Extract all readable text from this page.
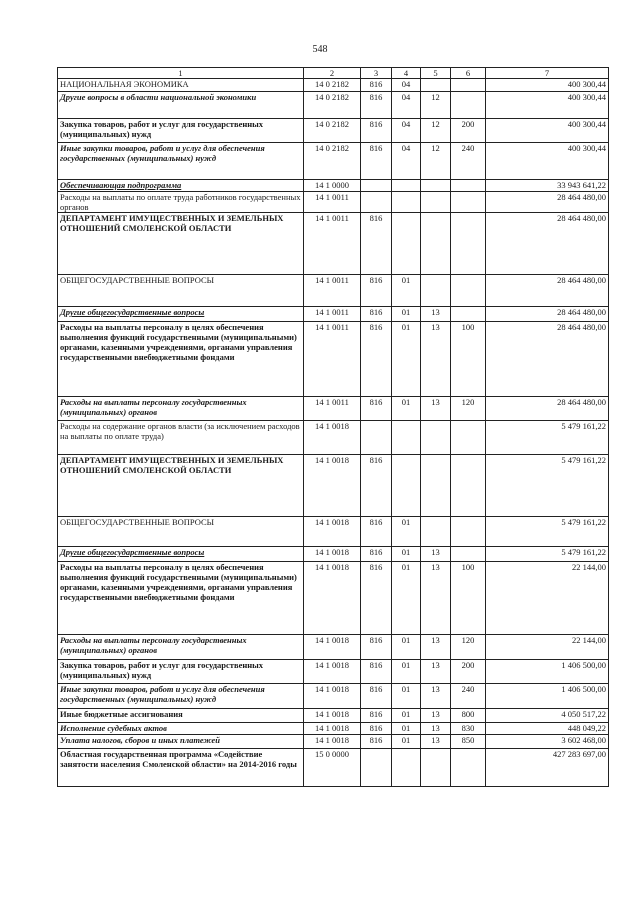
548
1	2	3	4	5	6	7
НАЦИОНАЛЬНАЯ ЭКОНОМИКА	14 0 2182	816	04			400 300,44
Другие вопросы в области национальной экономики	14 0 2182	816	04	12		400 300,44
Закупка товаров, работ и услуг для государственных (муниципальных) нужд	14 0 2182	816	04	12	200	400 300,44
Иные закупки товаров, работ и услуг для обеспечения государственных (муниципальных) нужд	14 0 2182	816	04	12	240	400 300,44
Обеспечивающая подпрограмма	14 1 0000					33 943 641,22
Расходы на выплаты по оплате труда работников государственных органов	14 1 0011					28 464 480,00
ДЕПАРТАМЕНТ ИМУЩЕСТВЕННЫХ И ЗЕМЕЛЬНЫХ ОТНОШЕНИЙ СМОЛЕНСКОЙ ОБЛАСТИ	14 1 0011	816				28 464 480,00
ОБЩЕГОСУДАРСТВЕННЫЕ ВОПРОСЫ	14 1 0011	816	01			28 464 480,00
Другие общегосударственные вопросы	14 1 0011	816	01	13		28 464 480,00
Расходы на выплаты персоналу в целях обеспечения выполнения функций государственными (муниципальными) органами, казенными учреждениями, органами управления государственными внебюджетными фондами	14 1 0011	816	01	13	100	28 464 480,00
Расходы на выплаты персоналу государственных (муниципальных) органов	14 1 0011	816	01	13	120	28 464 480,00
Расходы на содержание органов власти (за исключением расходов на выплаты по оплате труда)	14 1 0018					5 479 161,22
ДЕПАРТАМЕНТ ИМУЩЕСТВЕННЫХ И ЗЕМЕЛЬНЫХ ОТНОШЕНИЙ СМОЛЕНСКОЙ ОБЛАСТИ	14 1 0018	816				5 479 161,22
ОБЩЕГОСУДАРСТВЕННЫЕ ВОПРОСЫ	14 1 0018	816	01			5 479 161,22
Другие общегосударственные вопросы	14 1 0018	816	01	13		5 479 161,22
Расходы на выплаты персоналу в целях обеспечения выполнения функций государственными (муниципальными) органами, казенными учреждениями, органами управления государственными внебюджетными фондами	14 1 0018	816	01	13	100	22 144,00
Расходы на выплаты персоналу государственных (муниципальных) органов	14 1 0018	816	01	13	120	22 144,00
Закупка товаров, работ и услуг для государственных (муниципальных) нужд	14 1 0018	816	01	13	200	1 406 500,00
Иные закупки товаров, работ и услуг для обеспечения государственных (муниципальных) нужд	14 1 0018	816	01	13	240	1 406 500,00
Иные бюджетные ассигнования	14 1 0018	816	01	13	800	4 050 517,22
Исполнение судебных актов	14 1 0018	816	01	13	830	448 049,22
Уплата налогов, сборов и иных платежей	14 1 0018	816	01	13	850	3 602 468,00
Областная государственная программа «Содействие занятости населения Смоленской области» на 2014-2016 годы	15 0 0000					427 283 697,00
